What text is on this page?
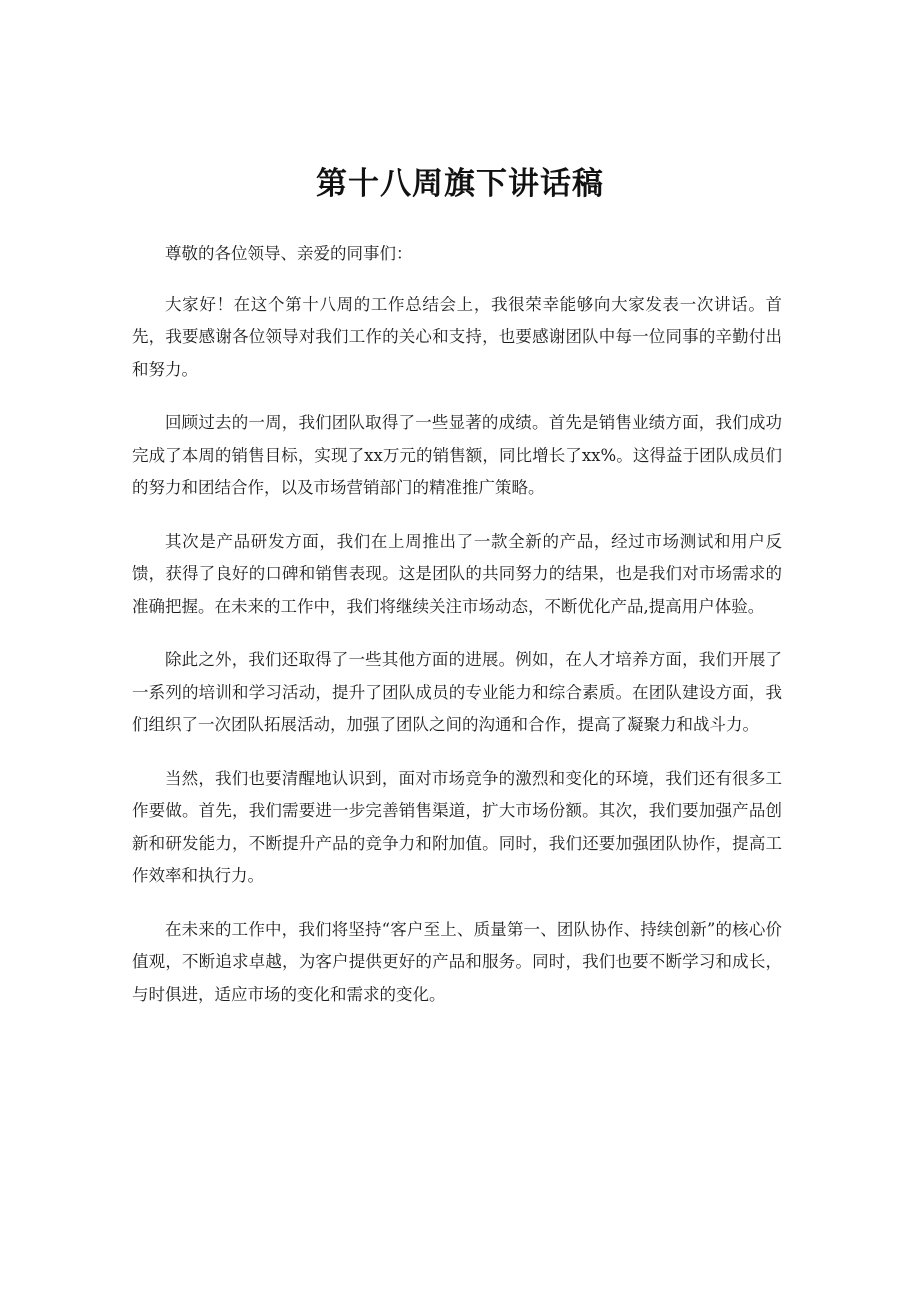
第十八周旗下讲话稿

尊敬的各位领导、亲爱的同事们：

大家好！在这个第十八周的工作总结会上，我很荣幸能够向大家发表一次讲话。首先，我要感谢各位领导对我们工作的关心和支持，也要感谢团队中每一位同事的辛勤付出和努力。

回顾过去的一周，我们团队取得了一些显著的成绩。首先是销售业绩方面，我们成功完成了本周的销售目标，实现了xx万元的销售额，同比增长了xx%。这得益于团队成员们的努力和团结合作，以及市场营销部门的精准推广策略。

其次是产品研发方面，我们在上周推出了一款全新的产品，经过市场测试和用户反馈，获得了良好的口碑和销售表现。这是团队的共同努力的结果，也是我们对市场需求的准确把握。在未来的工作中，我们将继续关注市场动态，不断优化产品,提高用户体验。

除此之外，我们还取得了一些其他方面的进展。例如，在人才培养方面，我们开展了一系列的培训和学习活动，提升了团队成员的专业能力和综合素质。在团队建设方面，我们组织了一次团队拓展活动，加强了团队之间的沟通和合作，提高了凝聚力和战斗力。

当然，我们也要清醒地认识到，面对市场竞争的激烈和变化的环境，我们还有很多工作要做。首先，我们需要进一步完善销售渠道，扩大市场份额。其次，我们要加强产品创新和研发能力，不断提升产品的竞争力和附加值。同时，我们还要加强团队协作，提高工作效率和执行力。

在未来的工作中，我们将坚持“客户至上、质量第一、团队协作、持续创新”的核心价值观，不断追求卓越，为客户提供更好的产品和服务。同时，我们也要不断学习和成长，与时俱进，适应市场的变化和需求的变化。
